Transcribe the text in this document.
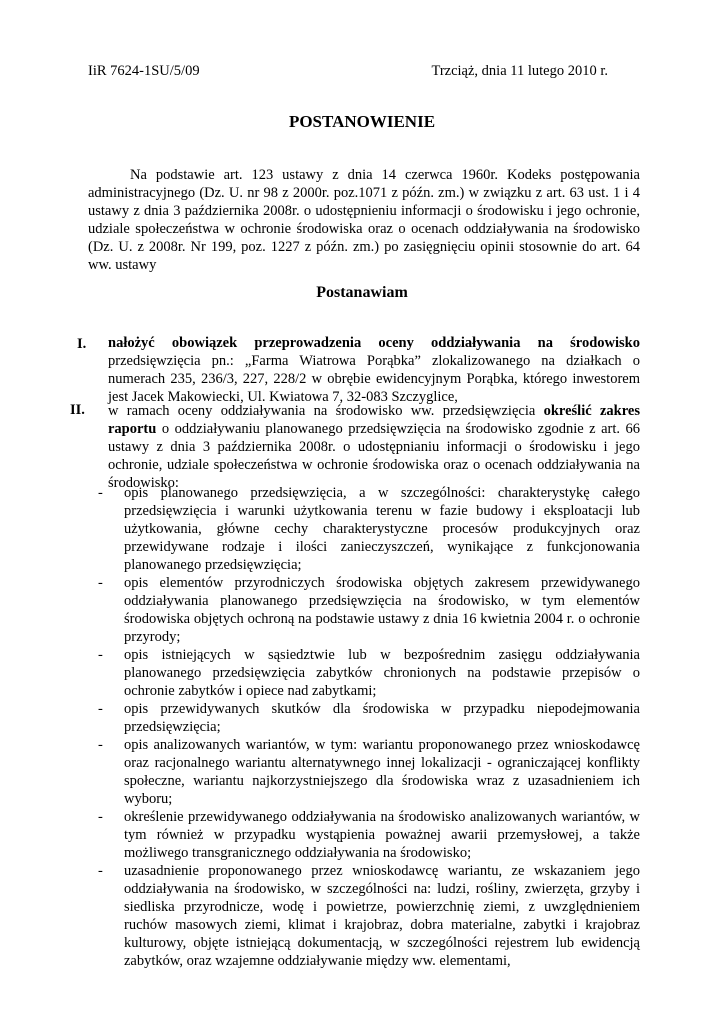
IiR 7624-1SU/5/09	Trzciąż, dnia 11 lutego 2010 r.
POSTANOWIENIE
Na podstawie art. 123 ustawy z dnia 14 czerwca 1960r. Kodeks postępowania administracyjnego (Dz. U. nr 98 z 2000r. poz.1071 z późn. zm.) w związku z art. 63 ust. 1 i 4 ustawy z dnia 3 października 2008r. o udostępnieniu informacji o środowisku i jego ochronie, udziale społeczeństwa w ochronie środowiska oraz o ocenach oddziaływania na środowisko (Dz. U. z 2008r. Nr 199, poz. 1227 z późn. zm.) po zasięgnięciu opinii stosownie do art. 64 ww. ustawy
Postanawiam
I. nałożyć obowiązek przeprowadzenia oceny oddziaływania na środowisko przedsięwzięcia pn.: „Farma Wiatrowa Porąbka” zlokalizowanego na działkach o numerach 235, 236/3, 227, 228/2 w obrębie ewidencyjnym Porąbka, którego inwestorem jest Jacek Makowiecki, Ul. Kwiatowa 7, 32-083 Szczyglice,
II. w ramach oceny oddziaływania na środowisko ww. przedsięwzięcia określić zakres raportu o oddziaływaniu planowanego przedsięwzięcia na środowisko zgodnie z art. 66 ustawy z dnia 3 października 2008r. o udostępnianiu informacji o środowisku i jego ochronie, udziale społeczeństwa w ochronie środowiska oraz o ocenach oddziaływania na środowisko:
- opis planowanego przedsięwzięcia, a w szczególności: charakterystykę całego przedsięwzięcia i warunki użytkowania terenu w fazie budowy i eksploatacji lub użytkowania, główne cechy charakterystyczne procesów produkcyjnych oraz przewidywane rodzaje i ilości zanieczyszczeń, wynikające z funkcjonowania planowanego przedsięwzięcia;
- opis elementów przyrodniczych środowiska objętych zakresem przewidywanego oddziaływania planowanego przedsięwzięcia na środowisko, w tym elementów środowiska objętych ochroną na podstawie ustawy z dnia 16 kwietnia 2004 r. o ochronie przyrody;
- opis istniejących w sąsiedztwie lub w bezpośrednim zasięgu oddziaływania planowanego przedsięwzięcia zabytków chronionych na podstawie przepisów o ochronie zabytków i opiece nad zabytkami;
- opis przewidywanych skutków dla środowiska w przypadku niepodejmowania przedsięwzięcia;
- opis analizowanych wariantów, w tym: wariantu proponowanego przez wnioskodawcę oraz racjonalnego wariantu alternatywnego innej lokalizacji - ograniczającej konflikty społeczne, wariantu najkorzystniejszego dla środowiska wraz z uzasadnieniem ich wyboru;
- określenie przewidywanego oddziaływania na środowisko analizowanych wariantów, w tym również w przypadku wystąpienia poważnej awarii przemysłowej, a także możliwego transgranicznego oddziaływania na środowisko;
- uzasadnienie proponowanego przez wnioskodawcę wariantu, ze wskazaniem jego oddziaływania na środowisko, w szczególności na: ludzi, rośliny, zwierzęta, grzyby i siedliska przyrodnicze, wodę i powietrze, powierzchnię ziemi, z uwzględnieniem ruchów masowych ziemi, klimat i krajobraz, dobra materialne, zabytki i krajobraz kulturowy, objęte istniejącą dokumentacją, w szczególności rejestrem lub ewidencją zabytków, oraz wzajemne oddziaływanie między ww. elementami,
